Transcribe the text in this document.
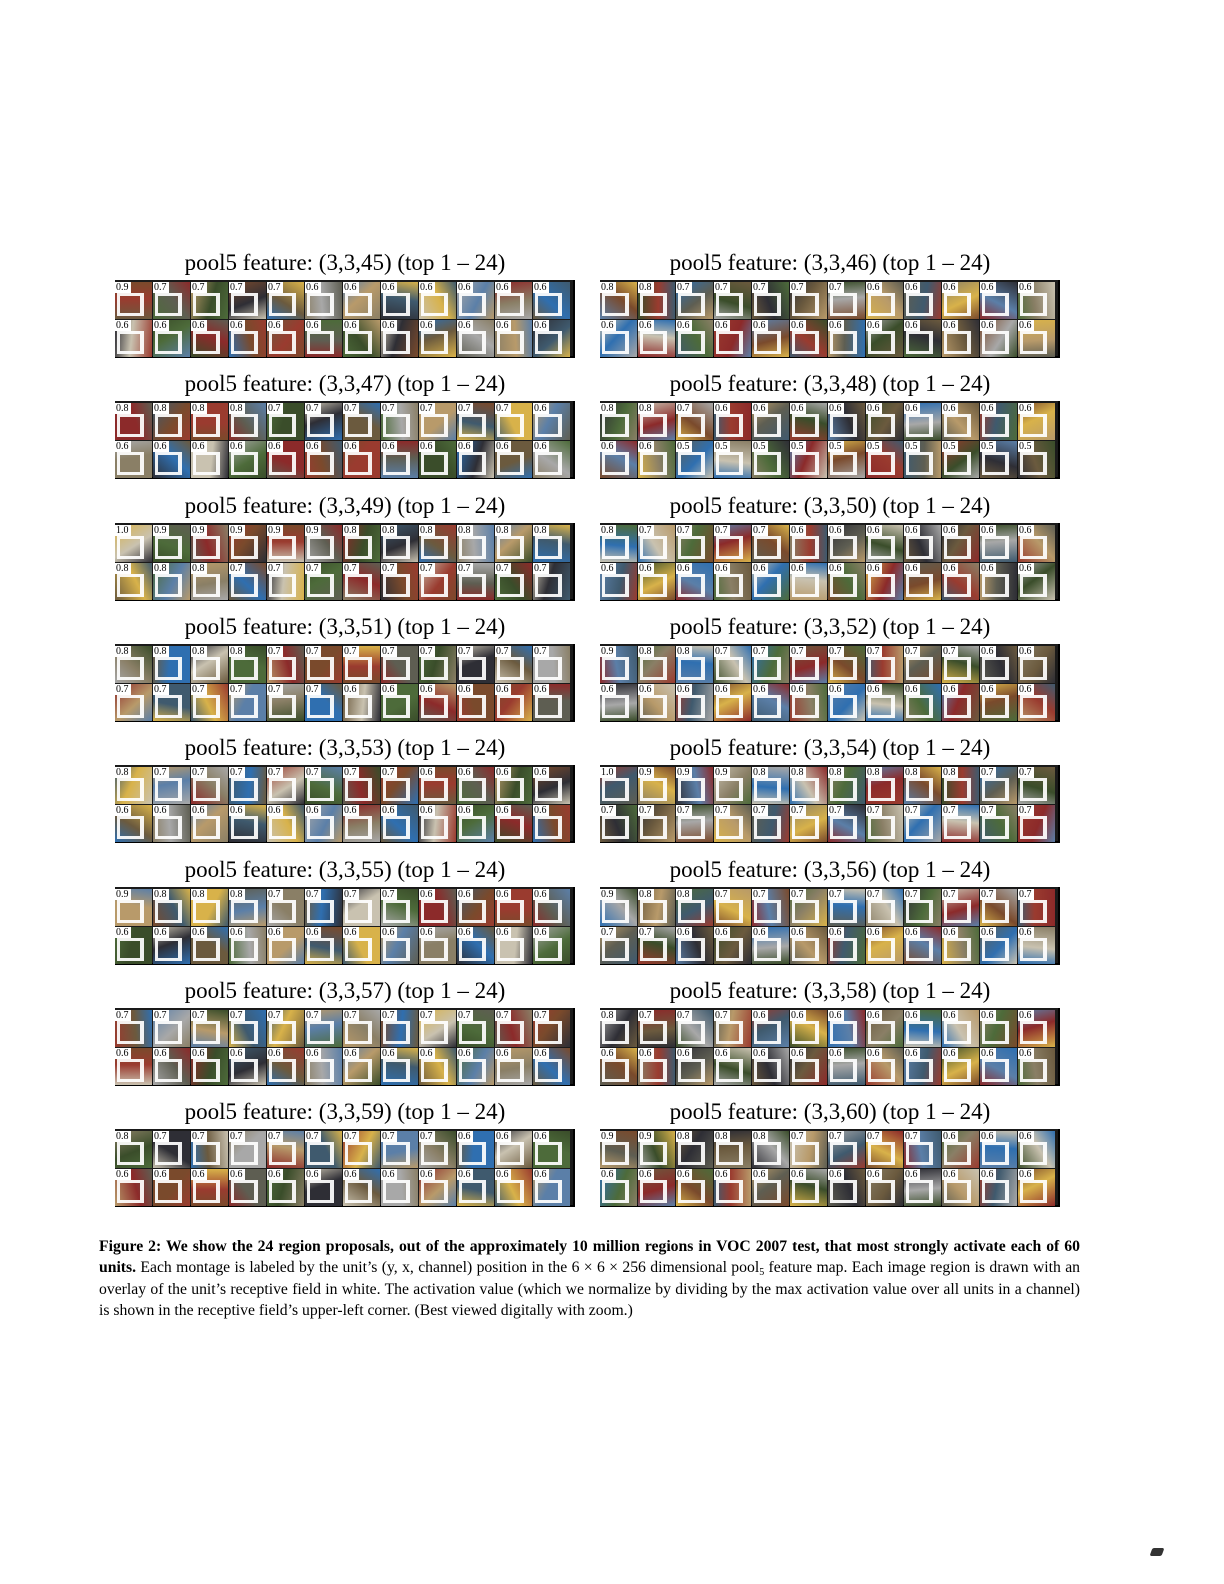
pool5 feature: (3,3,45) (top 1 – 24)
0.9	0.7	0.7	0.7	0.7	0.6	0.6	0.6	0.6	0.6	0.6	0.6
0.6	0.6	0.6	0.6	0.6	0.6	0.6	0.6	0.6	0.6	0.6	0.6
pool5 feature: (3,3,46) (top 1 – 24)
0.8	0.8	0.7	0.7	0.7	0.7	0.7	0.6	0.6	0.6	0.6	0.6
0.6	0.6	0.6	0.6	0.6	0.6	0.6	0.6	0.6	0.6	0.6	0.6
pool5 feature: (3,3,47) (top 1 – 24)
0.8	0.8	0.8	0.8	0.7	0.7	0.7	0.7	0.7	0.7	0.7	0.6
0.6	0.6	0.6	0.6	0.6	0.6	0.6	0.6	0.6	0.6	0.6	0.6
pool5 feature: (3,3,48) (top 1 – 24)
0.8	0.8	0.7	0.6	0.6	0.6	0.6	0.6	0.6	0.6	0.6	0.6
0.6	0.6	0.5	0.5	0.5	0.5	0.5	0.5	0.5	0.5	0.5	0.5
pool5 feature: (3,3,49) (top 1 – 24)
1.0	0.9	0.9	0.9	0.9	0.9	0.8	0.8	0.8	0.8	0.8	0.8
0.8	0.8	0.8	0.7	0.7	0.7	0.7	0.7	0.7	0.7	0.7	0.7
pool5 feature: (3,3,50) (top 1 – 24)
0.8	0.7	0.7	0.7	0.7	0.6	0.6	0.6	0.6	0.6	0.6	0.6
0.6	0.6	0.6	0.6	0.6	0.6	0.6	0.6	0.6	0.6	0.6	0.6
pool5 feature: (3,3,51) (top 1 – 24)
0.8	0.8	0.8	0.8	0.7	0.7	0.7	0.7	0.7	0.7	0.7	0.7
0.7	0.7	0.7	0.7	0.7	0.7	0.6	0.6	0.6	0.6	0.6	0.6
pool5 feature: (3,3,52) (top 1 – 24)
0.9	0.8	0.8	0.7	0.7	0.7	0.7	0.7	0.7	0.7	0.6	0.6
0.6	0.6	0.6	0.6	0.6	0.6	0.6	0.6	0.6	0.6	0.6	0.6
pool5 feature: (3,3,53) (top 1 – 24)
0.8	0.7	0.7	0.7	0.7	0.7	0.7	0.7	0.6	0.6	0.6	0.6
0.6	0.6	0.6	0.6	0.6	0.6	0.6	0.6	0.6	0.6	0.6	0.6
pool5 feature: (3,3,54) (top 1 – 24)
1.0	0.9	0.9	0.9	0.8	0.8	0.8	0.8	0.8	0.8	0.7	0.7
0.7	0.7	0.7	0.7	0.7	0.7	0.7	0.7	0.7	0.7	0.7	0.7
pool5 feature: (3,3,55) (top 1 – 24)
0.9	0.8	0.8	0.8	0.7	0.7	0.7	0.7	0.6	0.6	0.6	0.6
0.6	0.6	0.6	0.6	0.6	0.6	0.6	0.6	0.6	0.6	0.6	0.6
pool5 feature: (3,3,56) (top 1 – 24)
0.9	0.8	0.8	0.7	0.7	0.7	0.7	0.7	0.7	0.7	0.7	0.7
0.7	0.7	0.6	0.6	0.6	0.6	0.6	0.6	0.6	0.6	0.6	0.6
pool5 feature: (3,3,57) (top 1 – 24)
0.7	0.7	0.7	0.7	0.7	0.7	0.7	0.7	0.7	0.7	0.7	0.7
0.6	0.6	0.6	0.6	0.6	0.6	0.6	0.6	0.6	0.6	0.6	0.6
pool5 feature: (3,3,58) (top 1 – 24)
0.8	0.7	0.7	0.7	0.6	0.6	0.6	0.6	0.6	0.6	0.6	0.6
0.6	0.6	0.6	0.6	0.6	0.6	0.6	0.6	0.6	0.6	0.6	0.6
pool5 feature: (3,3,59) (top 1 – 24)
0.8	0.7	0.7	0.7	0.7	0.7	0.7	0.7	0.7	0.6	0.6	0.6
0.6	0.6	0.6	0.6	0.6	0.6	0.6	0.6	0.6	0.6	0.6	0.6
pool5 feature: (3,3,60) (top 1 – 24)
0.9	0.9	0.8	0.8	0.8	0.7	0.7	0.7	0.7	0.6	0.6	0.6
0.6	0.6	0.6	0.6	0.6	0.6	0.6	0.6	0.6	0.6	0.6	0.6

Figure 2: We show the 24 region proposals, out of the approximately 10 million regions in VOC 2007 test, that most strongly activate each of 60 units. Each montage is labeled by the unit’s (y, x, channel) position in the 6 × 6 × 256 dimensional pool$_5$ feature map. Each image region is drawn with an overlay of the unit’s receptive field in white. The activation value (which we normalize by dividing by the max activation value over all units in a channel) is shown in the receptive field’s upper-left corner. (Best viewed digitally with zoom.)
